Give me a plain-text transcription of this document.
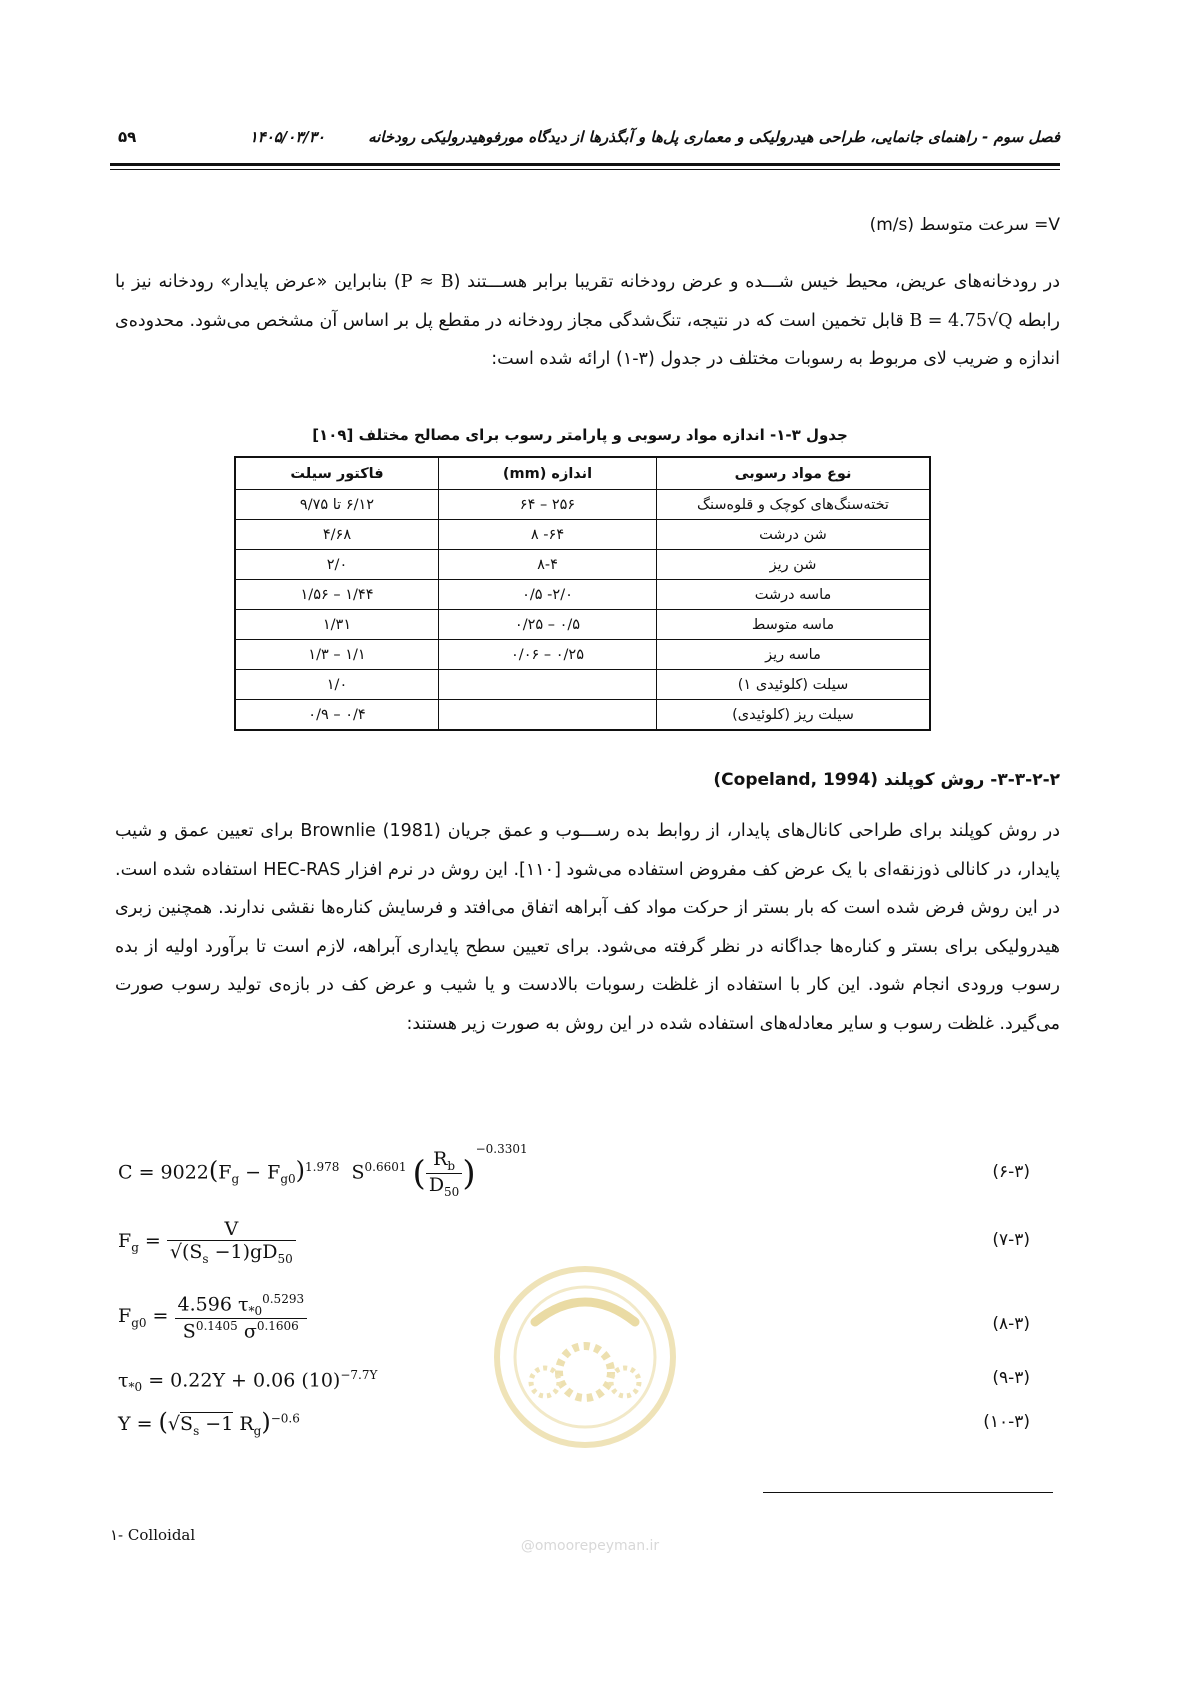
فصل سوم - راهنمای جانمایی، طراحی هیدرولیکی و معماری پل‌ها و آبگذرها از دیدگاه مورفوهیدرولیکی رودخانه
۱۴۰۵/۰۳/۳۰
۵۹
V= سرعت متوسط (m/s)
در رودخانه‌های عریض، محیط خیس شـــده و عرض رودخانه تقریبا برابر هســـتند (P ≈ B) بنابراین «عرض پایدار» رودخانه نیز با رابطه B = 4.75√Q قابل تخمین است که در نتیجه، تنگ‌شدگی مجاز رودخانه در مقطع پل بر اساس آن مشخص می‌شود. محدوده‌ی اندازه و ضریب لای مربوط به رسوبات مختلف در جدول (۳-۱) ارائه شده است:
جدول ۳-۱- اندازه مواد رسوبی و پارامتر رسوب برای مصالح مختلف [۱۰۹]
نوع مواد رسوبی	اندازه (mm)	فاکتور سیلت
تخته‌سنگ‌های کوچک و قلوه‌سنگ	۲۵۶ – ۶۴	۶/۱۲ تا ۹/۷۵
شن درشت	۶۴- ۸	۴/۶۸
شن ریز	۸-۴	۲/۰
ماسه درشت	۲/۰- ۰/۵	۱/۴۴ – ۱/۵۶
ماسه متوسط	۰/۵ – ۰/۲۵	۱/۳۱
ماسه ریز	۰/۲۵ – ۰/۰۶	۱/۱ – ۱/۳
سیلت (کلوئیدی ۱)		۱/۰
سیلت ریز (کلوئیدی)		۰/۴ – ۰/۹
۳-۳-۲-۲- روش کوپلند (Copeland, 1994)
در روش کوپلند برای طراحی کانال‌های پایدار، از روابط بده رســـوب و عمق جریان Brownlie (1981) برای تعیین عمق و شیب پایدار، در کانالی ذوزنقه‌ای با یک عرض کف مفروض استفاده می‌شود [۱۱۰]. این روش در نرم افزار HEC-RAS استفاده شده است. در این روش فرض شده است که بار بستر از حرکت مواد کف آبراهه اتفاق می‌افتد و فرسایش کناره‌ها نقشی ندارند. همچنین زبری هیدرولیکی برای بستر و کناره‌ها جداگانه در نظر گرفته می‌شود. برای تعیین سطح پایداری آبراهه، لازم است تا برآورد اولیه از بده رسوب ورودی انجام شود. این کار با استفاده از غلظت رسوبات بالادست و یا شیب و عرض کف در بازه‌ی تولید رسوب صورت می‌گیرد. غلظت رسوب و سایر معادله‌های استفاده شده در این روش به صورت زیر هستند:
$C = 9022(F_g - F_{g0})^{1.978}$  $S^{0.6601}$ ( $\frac{R_b}{D_{50}} )^{-0.3301}$
(۶-۳)
$F_g = \frac{V}{√(S_s -1)gD_{50}}$	(۷-۳)
$F_{g0} = \frac{4.596 \tau_{*0}^{0.5293}}{S^{0.1405} \sigma^{0.1606}}$	(۸-۳)
$\tau_{*0} = 0.22Y + 0.06$ $(10)^{-7.7Y}$	(۹-۳)
$Y = (√S_s -1$ $R_g)^{-0.6}$	(۱۰-۳)
@omoorepeyman.ir
۱- Colloidal
